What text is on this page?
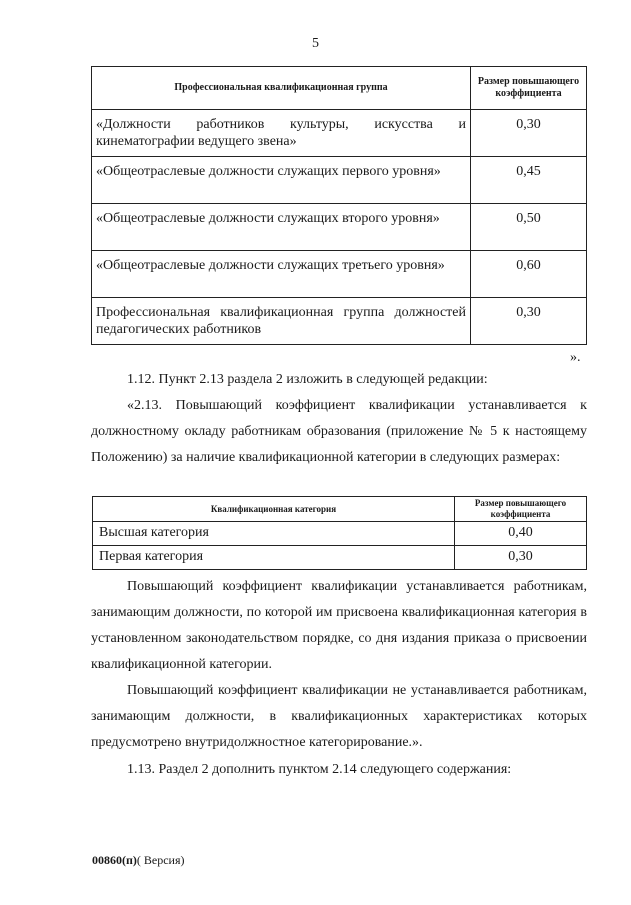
5
Профессиональная квалификационная группа	Размер повышающего коэффициента
«Должности работников культуры, искусства и кинематографии ведущего звена»	0,30
«Общеотраслевые должности служащих первого уровня»	0,45
«Общеотраслевые должности служащих второго уровня»	0,50
«Общеотраслевые должности служащих третьего уровня»	0,60
Профессиональная квалификационная группа должностей педагогических работников	0,30
».
1.12. Пункт 2.13 раздела 2 изложить в следующей редакции:
«2.13. Повышающий коэффициент квалификации устанавливается к должностному окладу работникам образования (приложение № 5 к настоящему Положению) за наличие квалификационной категории в следующих размерах:
Квалификационная категория	Размер повышающего коэффициента
Высшая категория	0,40
Первая категория	0,30
Повышающий коэффициент квалификации устанавливается работникам, занимающим должности, по которой им присвоена квалификационная категория в установленном законодательством порядке, со дня издания приказа о присвоении квалификационной категории.
Повышающий коэффициент квалификации не устанавливается работникам, занимающим должности, в квалификационных характеристиках которых предусмотрено внутридолжностное категорирование.».
1.13. Раздел 2 дополнить пунктом 2.14 следующего содержания:
00860(п)( Версия)
